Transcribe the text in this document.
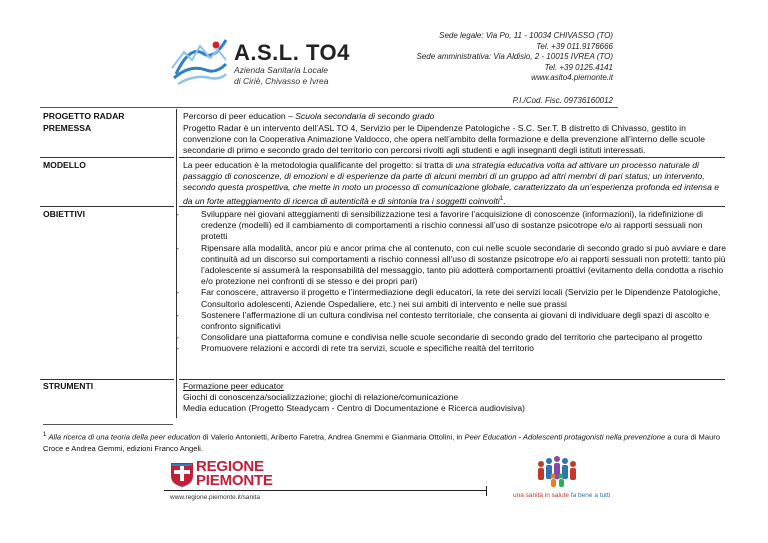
A.S.L. TO4
Azienda Sanitaria Locale
di Ciriè, Chivasso e Ivrea
Sede legale: Via Po, 11 - 10034 CHIVASSO (TO)
Tel. +39 011.9176666
Sede amministrativa: Via Aldisio, 2 - 10015 IVREA (TO)
Tel. +39 0125.4141
www.aslto4.piemonte.it
P.I./Cod. Fisc. 09736160012
PROGETTO RADAR	Percorso di peer education – Scuola secondaria di secondo grado
PREMESSA	Progetto Radar è un intervento dell’ASL TO 4, Servizio per le Dipendenze Patologiche - S.C. Ser.T. B distretto di Chivasso, gestito in convenzione con la Cooperativa Animazione Valdocco, che opera nell’ambito della formazione e della prevenzione all’interno delle scuole secondarie di primo e secondo grado del territorio con percorsi rivolti agli studenti e agli insegnanti degli istituti interessati.
MODELLO	La peer education è la metodologia qualificante del progetto: si tratta di una strategia educativa volta ad attivare un processo naturale di passaggio di conoscenze, di emozioni e di esperienze da parte di alcuni membri di un gruppo ad altri membri di pari status; un intervento, secondo questa prospettiva, che mette in moto un processo di comunicazione globale, caratterizzato da un’esperienza profonda ed intensa e da un forte atteggiamento di ricerca di autenticità e di sintonia tra i soggetti coinvolti$^1$.
OBIETTIVI
-	Sviluppare nei giovani atteggiamenti di sensibilizzazione tesi a favorire l’acquisizione di conoscenze (informazioni), la ridefinizione di credenze (modelli) ed il cambiamento di comportamenti a rischio connessi all’uso di sostanze psicotrope e/o ai rapporti sessuali non protetti
- Ripensare alla modalità, ancor più e ancor prima che al contenuto, con cui nelle scuole secondarie di secondo grado si può avviare e dare continuità ad un discorso sui comportamenti a rischio connessi all’uso di sostanze psicotrope e/o ai rapporti sessuali non protetti: tanto più l’adolescente si assumerà la responsabilità del messaggio, tanto più adotterà comportamenti proattivi (evitamento della condotta a rischio e/o protezione nei confronti di se stesso e dei propri pari)
- Far conoscere, attraverso il progetto e l’intermediazione degli educatori, la rete dei servizi locali (Servizio per le Dipendenze Patologiche, Consultorio adolescenti, Aziende Ospedaliere, etc.) nei sui ambiti di intervento e nelle sue prassi
- Sostenere l’affermazione di un cultura condivisa nel contesto territoriale, che consenta ai giovani di individuare degli spazi di ascolto e confronto significativi
- Consolidare una piattaforma comune e condivisa nelle scuole secondarie di secondo grado del territorio che partecipano al progetto
- Promuovere relazioni e accordi di rete tra servizi, scuole e specifiche realtà del territorio
STRUMENTI	Formazione peer educator
Giochi di conoscenza/socializzazione; giochi di relazione/comunicazione
Media education (Progetto Steadycam - Centro di Documentazione e Ricerca audiovisiva)
$^1$ Alla ricerca di una teoria della peer education di Valerio Antonietti, Ariberto Faretra, Andrea Gnemmi e Gianmaria Ottolini, in Peer Education - Adolescenti protagonisti nella prevenzione a cura di Mauro Croce e Andrea Gemmi, edizioni Franco Angeli.
REGIONE
PIEMONTE
www.regione.piemonte.it/sanita	una sanità in salute fa bene a tutti
